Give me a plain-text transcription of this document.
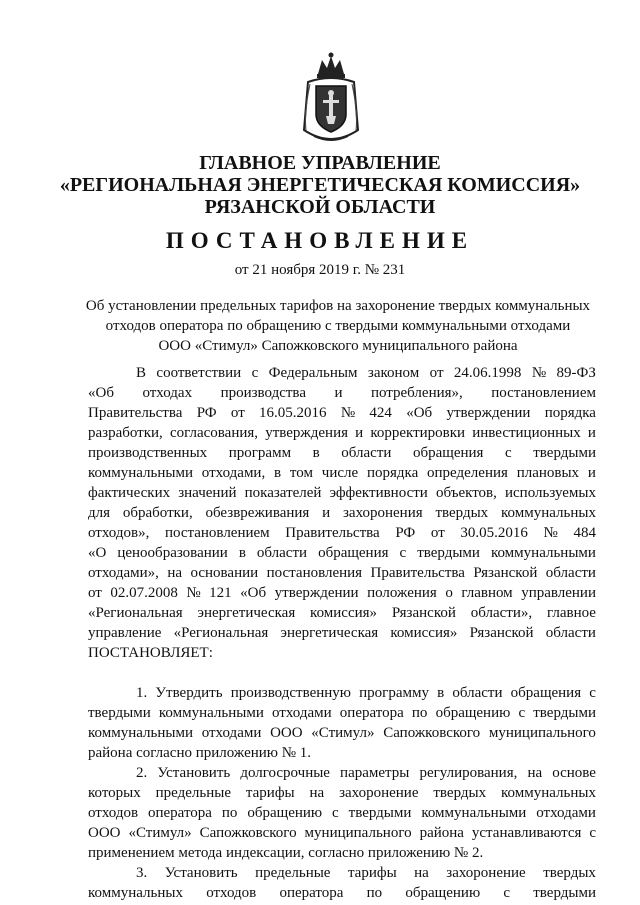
ГЛАВНОЕ УПРАВЛЕНИЕ
«РЕГИОНАЛЬНАЯ ЭНЕРГЕТИЧЕСКАЯ КОМИССИЯ»
РЯЗАНСКОЙ ОБЛАСТИ
ПОСТАНОВЛЕНИЕ
от 21 ноября 2019 г. № 231
Об установлении предельных тарифов на захоронение твердых коммунальных
отходов оператора по обращению с твердыми коммунальными отходами
ООО «Стимул» Сапожковского муниципального района
В соответствии с Федеральным законом от 24.06.1998 № 89-ФЗ
«Об отходах производства и потребления», постановлением
Правительства РФ от 16.05.2016 № 424 «Об утверждении порядка
разработки, согласования, утверждения и корректировки инвестиционных и
производственных программ в области обращения с твердыми
коммунальными отходами, в том числе порядка определения плановых и
фактических значений показателей эффективности объектов, используемых
для обработки, обезвреживания и захоронения твердых коммунальных
отходов», постановлением Правительства РФ от 30.05.2016 № 484
«О ценообразовании в области обращения с твердыми коммунальными
отходами», на основании постановления Правительства Рязанской области
от 02.07.2008 № 121 «Об утверждении положения о главном управлении
«Региональная энергетическая комиссия» Рязанской области», главное
управление «Региональная энергетическая комиссия» Рязанской области
ПОСТАНОВЛЯЕТ:
1. Утвердить производственную программу в области обращения с
твердыми коммунальными отходами оператора по обращению с твердыми
коммунальными отходами ООО «Стимул» Сапожковского муниципального
района согласно приложению № 1.
2. Установить долгосрочные параметры регулирования, на основе
которых предельные тарифы на захоронение твердых коммунальных
отходов оператора по обращению с твердыми коммунальными отходами
ООО «Стимул» Сапожковского муниципального района устанавливаются с
применением метода индексации, согласно приложению № 2.
3. Установить предельные тарифы на захоронение твердых
коммунальных отходов оператора по обращению с твердыми
